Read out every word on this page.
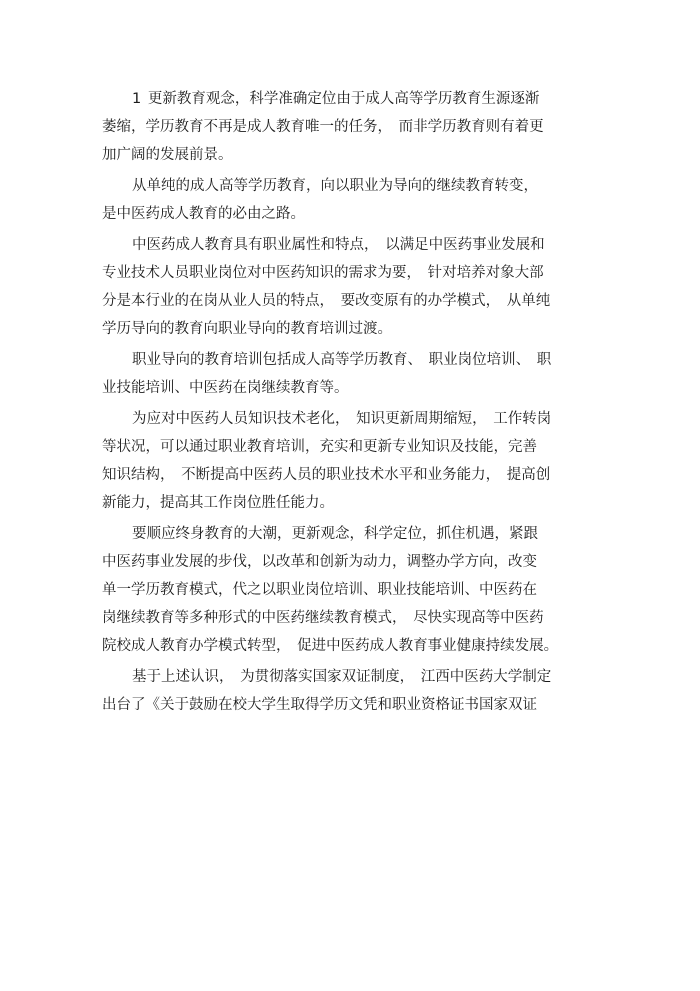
1 更新教育观念，科学准确定位由于成人高等学历教育生源逐渐
萎缩，学历教育不再是成人教育唯一的任务， 而非学历教育则有着更
加广阔的发展前景。
从单纯的成人高等学历教育，向以职业为导向的继续教育转变，
是中医药成人教育的必由之路。
中医药成人教育具有职业属性和特点， 以满足中医药事业发展和
专业技术人员职业岗位对中医药知识的需求为要， 针对培养对象大部
分是本行业的在岗从业人员的特点， 要改变原有的办学模式， 从单纯
学历导向的教育向职业导向的教育培训过渡。
职业导向的教育培训包括成人高等学历教育、 职业岗位培训、 职
业技能培训、中医药在岗继续教育等。
为应对中医药人员知识技术老化， 知识更新周期缩短， 工作转岗
等状况，可以通过职业教育培训，充实和更新专业知识及技能，完善
知识结构， 不断提高中医药人员的职业技术水平和业务能力， 提高创
新能力，提高其工作岗位胜任能力。
要顺应终身教育的大潮，更新观念，科学定位，抓住机遇，紧跟
中医药事业发展的步伐，以改革和创新为动力，调整办学方向，改变
单一学历教育模式，代之以职业岗位培训、职业技能培训、中医药在
岗继续教育等多种形式的中医药继续教育模式， 尽快实现高等中医药
院校成人教育办学模式转型， 促进中医药成人教育事业健康持续发展。
基于上述认识， 为贯彻落实国家双证制度， 江西中医药大学制定
出台了《关于鼓励在校大学生取得学历文凭和职业资格证书国家双证
